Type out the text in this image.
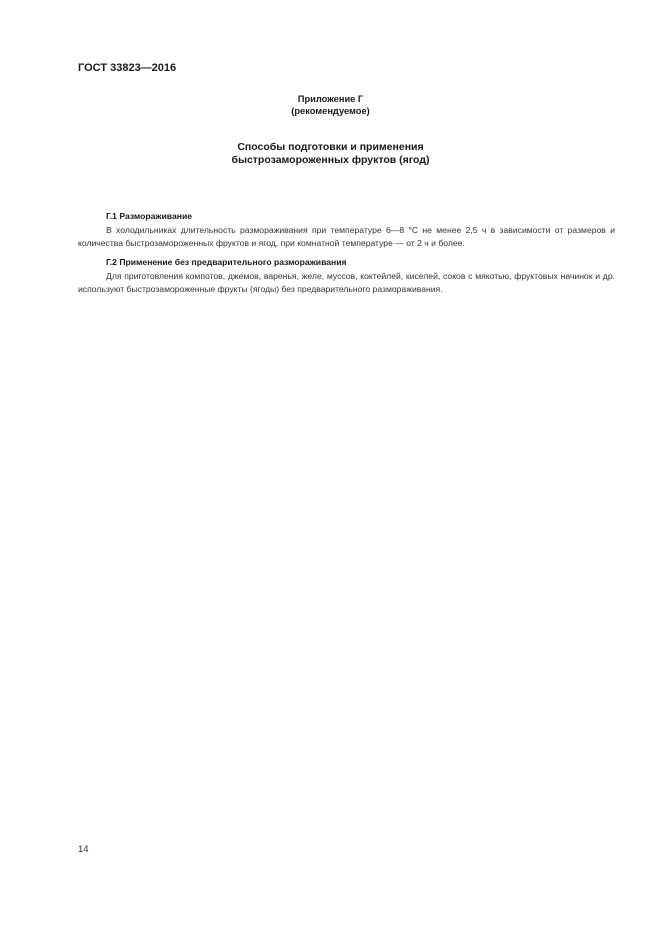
ГОСТ 33823—2016
Приложение Г
(рекомендуемое)
Способы подготовки и применения
быстрозамороженных фруктов (ягод)
Г.1 Размораживание
В холодильниках длительность размораживания при температуре 6—8 °С не менее 2,5 ч в зависимости от размеров и количества быстрозамороженных фруктов и ягод, при комнатной температуре — от 2 ч и более.
Г.2 Применение без предварительного размораживания
Для приготовления компотов, джемов, варенья, желе, муссов, коктейлей, киселей, соков с мякотью, фруктовых начинок и др. используют быстрозамороженные фрукты (ягоды) без предварительного размораживания.
14
